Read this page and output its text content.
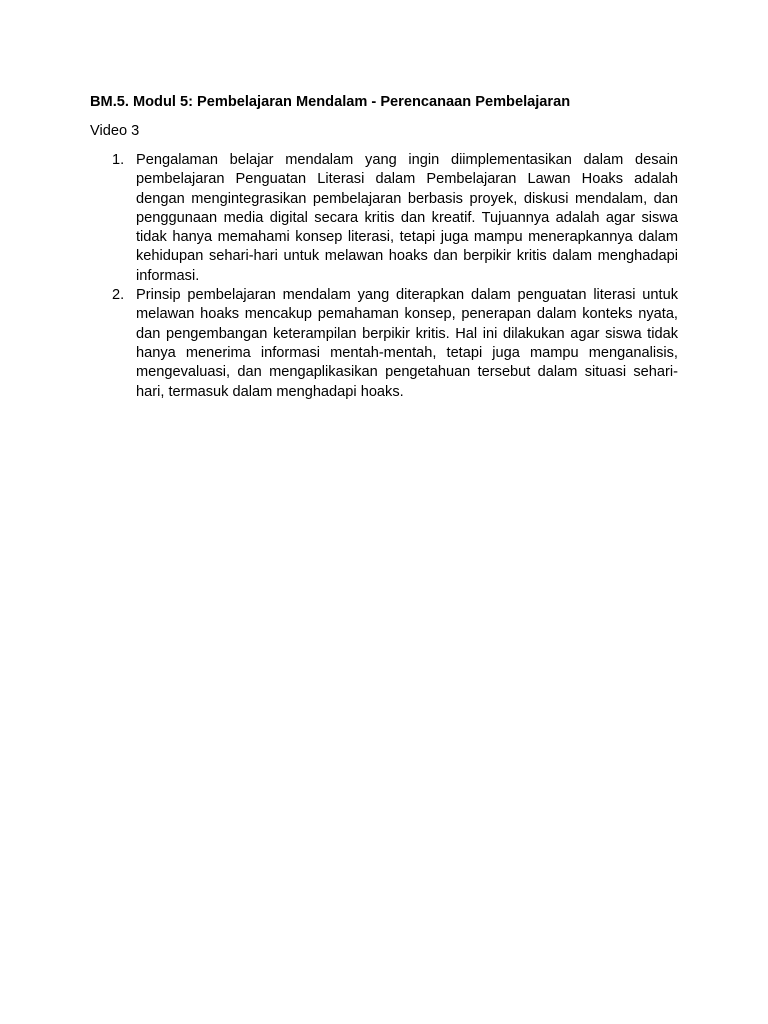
BM.5. Modul 5: Pembelajaran Mendalam - Perencanaan Pembelajaran

Video 3

1. Pengalaman belajar mendalam yang ingin diimplementasikan dalam desain pembelajaran Penguatan Literasi dalam Pembelajaran Lawan Hoaks adalah dengan mengintegrasikan pembelajaran berbasis proyek, diskusi mendalam, dan penggunaan media digital secara kritis dan kreatif. Tujuannya adalah agar siswa tidak hanya memahami konsep literasi, tetapi juga mampu menerapkannya dalam kehidupan sehari-hari untuk melawan hoaks dan berpikir kritis dalam menghadapi informasi.
2. Prinsip pembelajaran mendalam yang diterapkan dalam penguatan literasi untuk melawan hoaks mencakup pemahaman konsep, penerapan dalam konteks nyata, dan pengembangan keterampilan berpikir kritis. Hal ini dilakukan agar siswa tidak hanya menerima informasi mentah-mentah, tetapi juga mampu menganalisis, mengevaluasi, dan mengaplikasikan pengetahuan tersebut dalam situasi sehari-hari, termasuk dalam menghadapi hoaks.
